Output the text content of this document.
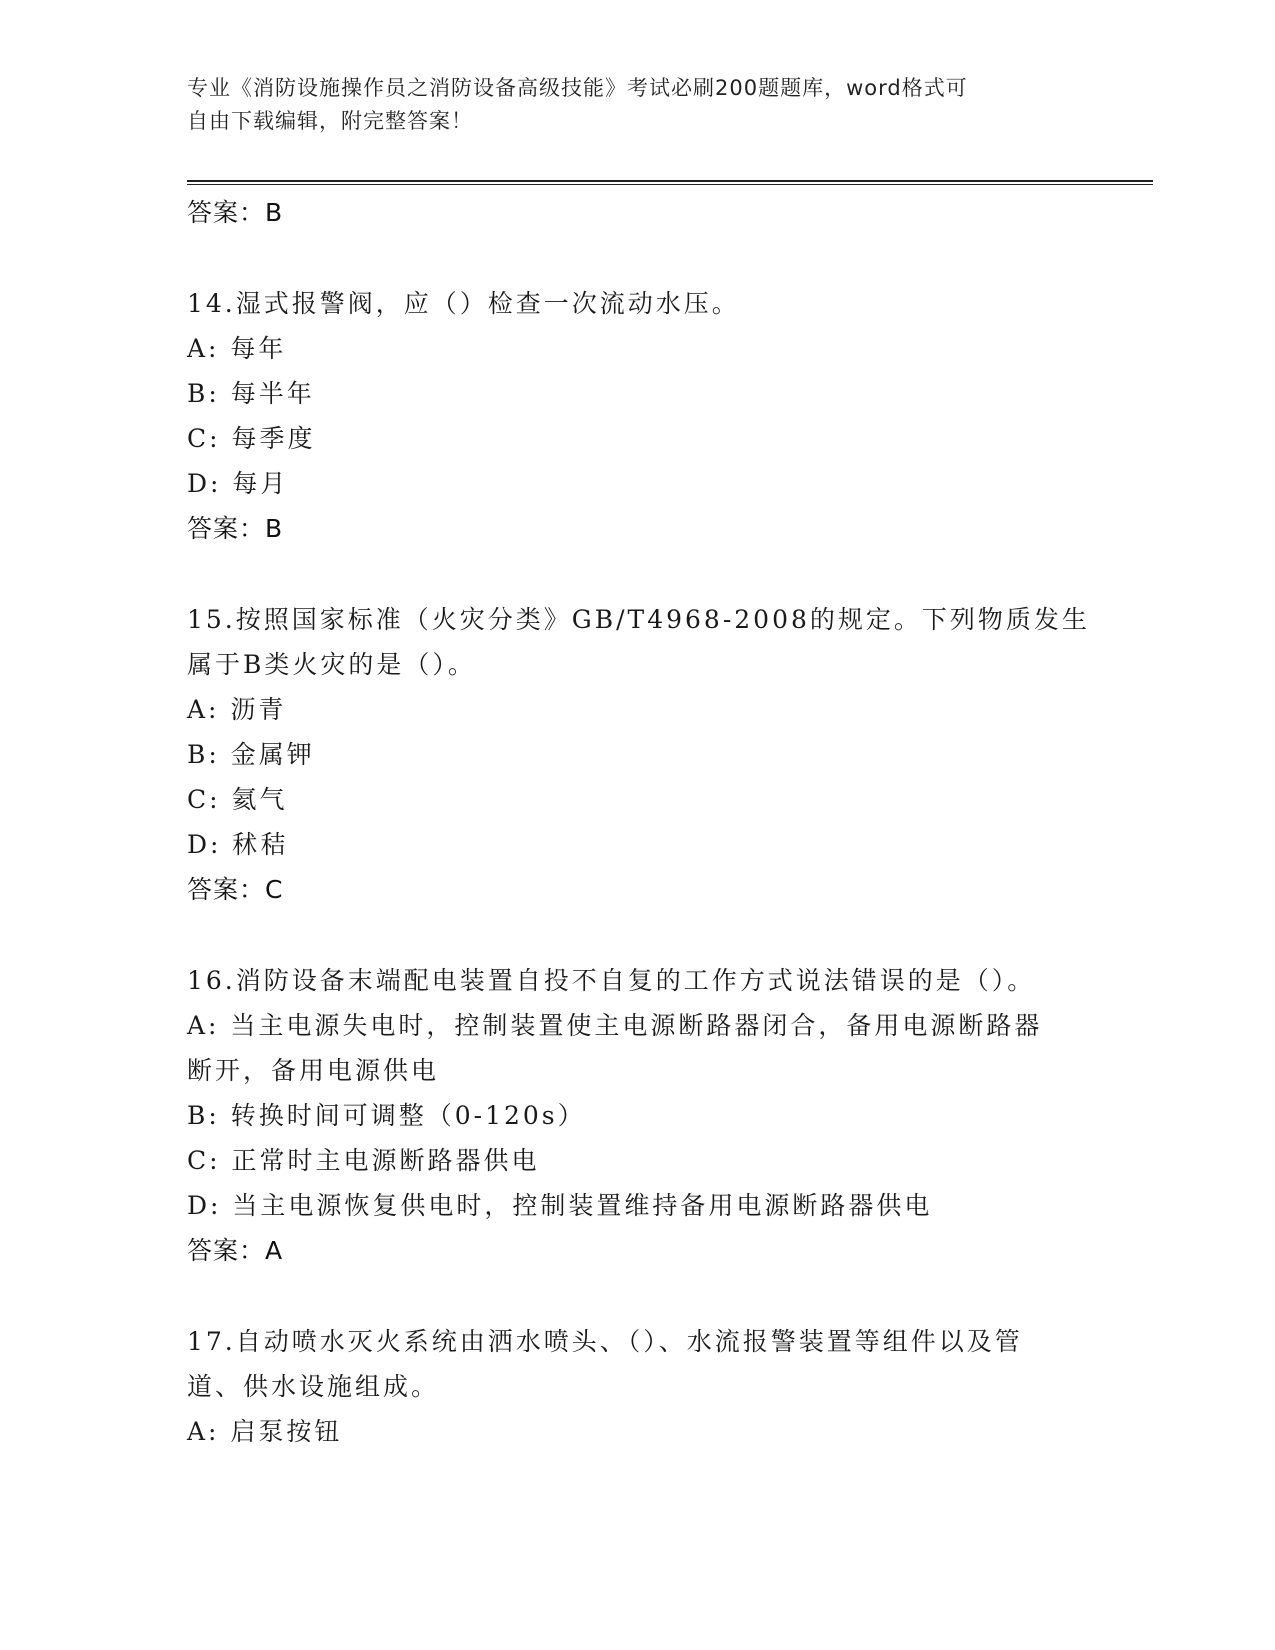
专业《消防设施操作员之消防设备高级技能》考试必刷200题题库，word格式可
自由下载编辑，附完整答案！
答案：B
14.湿式报警阀，应（）检查一次流动水压。
A: 每年
B: 每半年
C: 每季度
D: 每月
答案：B
15.按照国家标准（火灾分类》GB/T4968-2008的规定。下列物质发生
属于B类火灾的是（）。
A: 沥青
B: 金属钾
C: 氦气
D: 秫秸
答案：C
16.消防设备末端配电装置自投不自复的工作方式说法错误的是（）。
A: 当主电源失电时，控制装置使主电源断路器闭合，备用电源断路器
断开，备用电源供电
B: 转换时间可调整（0-120s）
C: 正常时主电源断路器供电
D: 当主电源恢复供电时，控制装置维持备用电源断路器供电
答案：A
17.自动喷水灭火系统由洒水喷头、（）、水流报警装置等组件以及管
道、供水设施组成。
A: 启泵按钮
